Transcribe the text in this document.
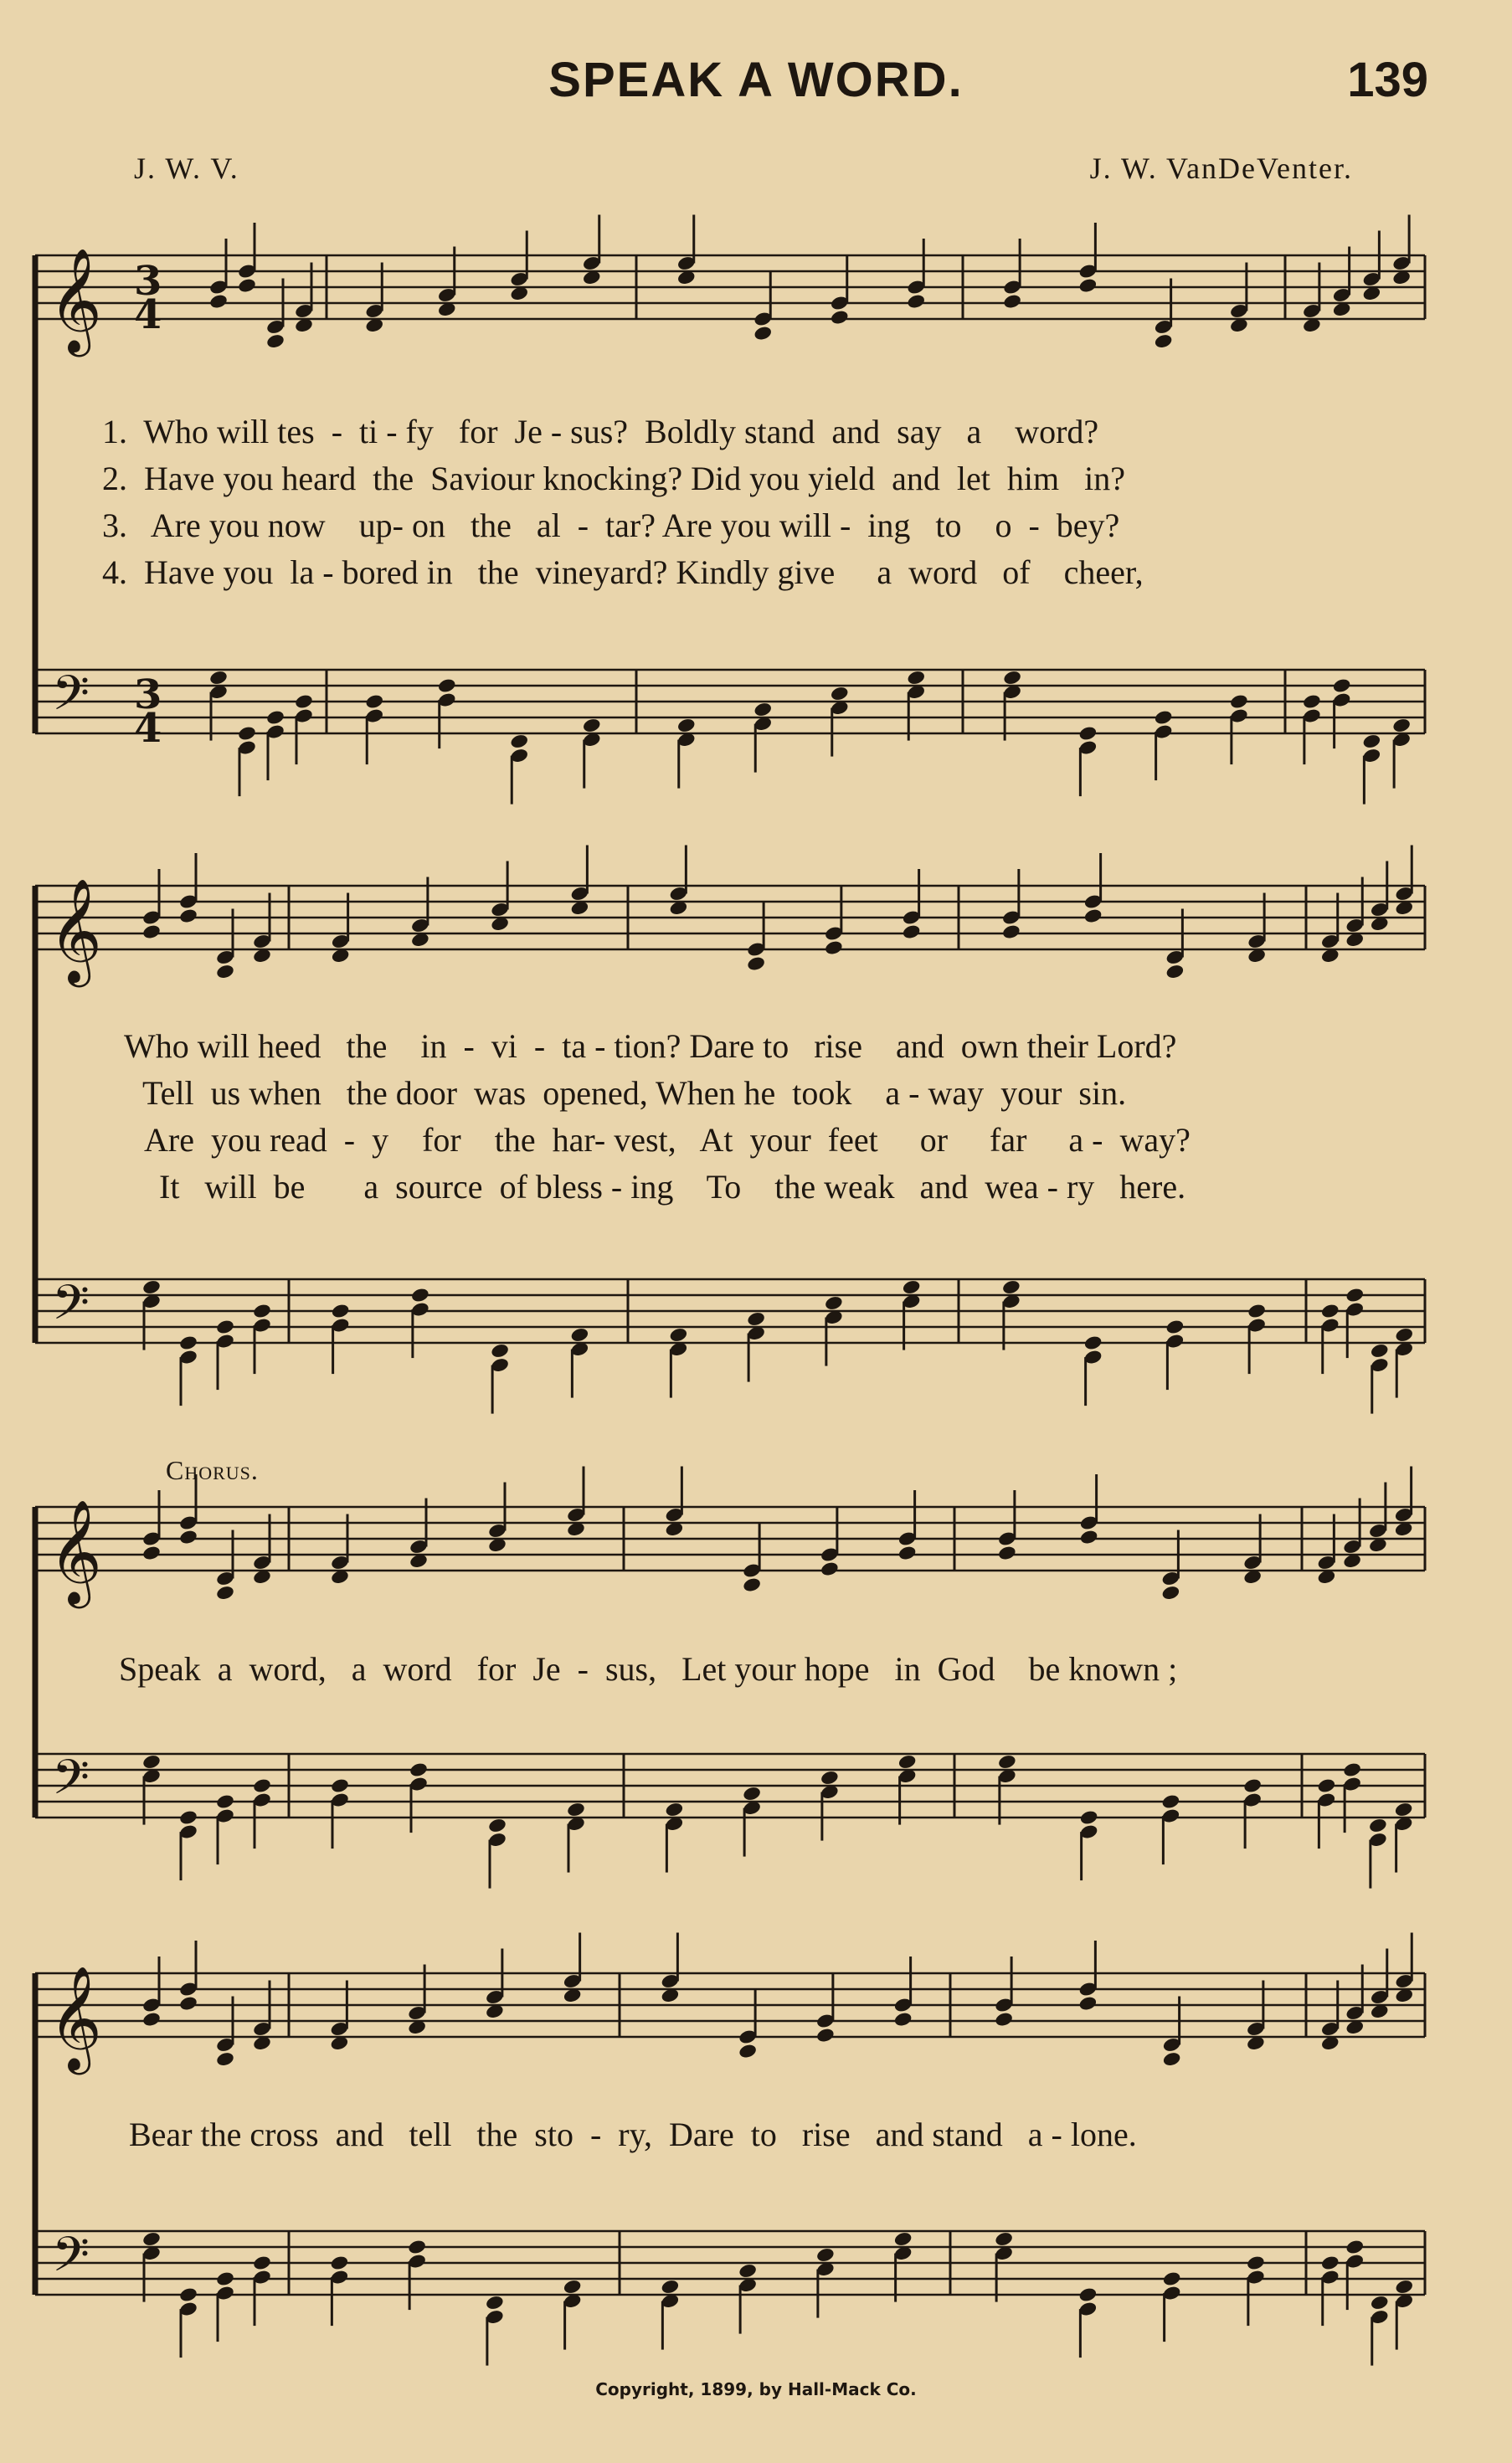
SPEAK A WORD.	139
J. W. V.	J. W. VanDeVenter.
𝄞
𝄢
𝄞
𝄢
𝄞
𝄢
𝄞
𝄢
3
4
3
4
1.  Who will tes  -  ti - fy   for  Je - sus?  Boldly stand  and  say   a    word?
2.  Have you heard  the  Saviour knocking? Did you yield  and  let  him   in?
3.   Are you now    up- on   the   al  -  tar? Are you will -  ing   to    o  -  bey?
4.  Have you  la - bored in   the  vineyard? Kindly give     a  word   of    cheer,
Who will heed   the    in  -  vi  -  ta - tion? Dare to   rise    and  own their Lord?
Tell  us when   the door  was  opened, When he  took    a - way  your  sin.
Are  you read  -  y    for    the  har- vest,   At  your  feet     or     far     a -  way?
It   will  be       a  source  of bless - ing    To    the weak   and  wea - ry   here.
Chorus.
Speak  a  word,   a  word   for  Je  -  sus,   Let your hope   in  God    be known ;
Bear the cross  and   tell   the  sto  -  ry,  Dare  to   rise   and stand   a - lone.
Copyright, 1899, by Hall-Mack Co.
